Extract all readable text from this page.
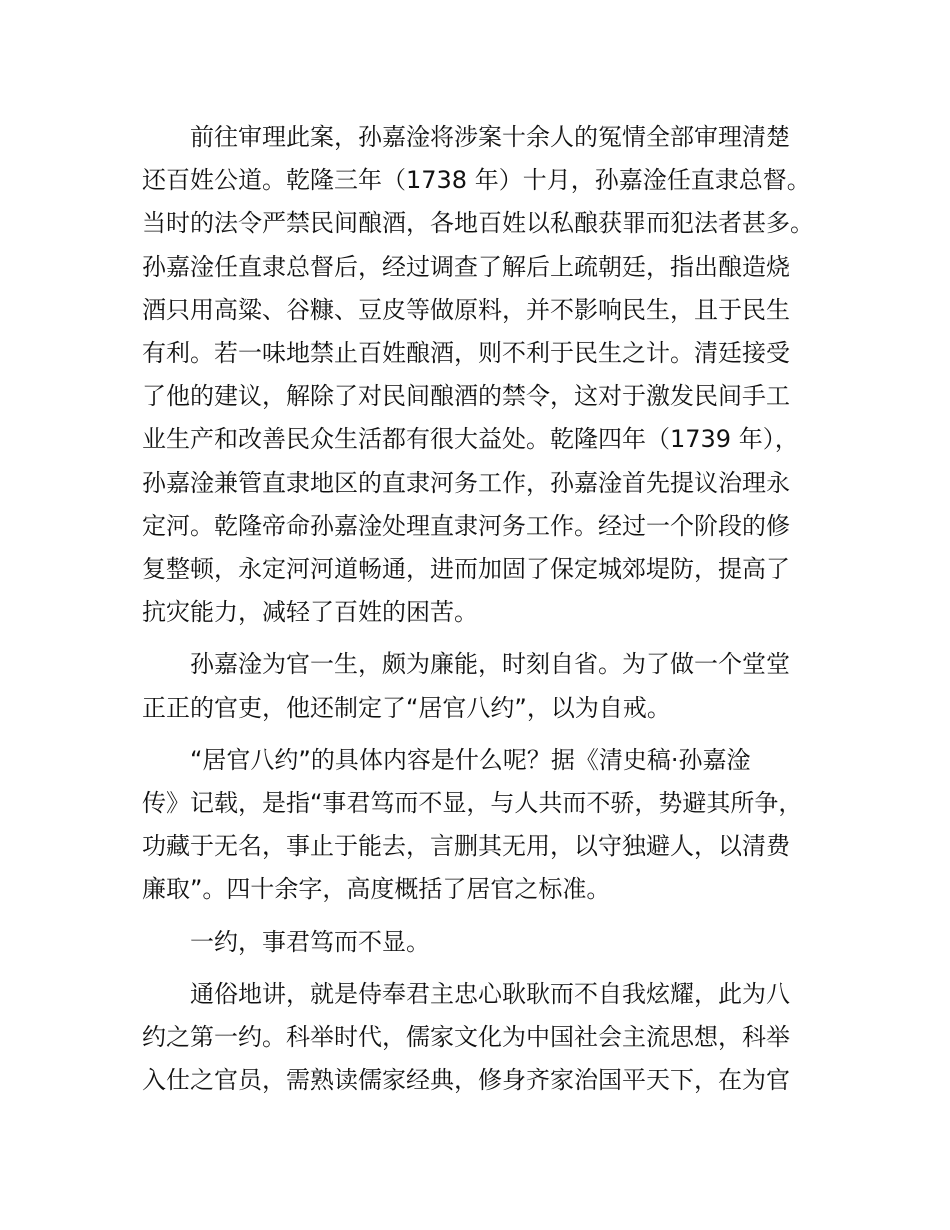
前往审理此案，孙嘉淦将涉案十余人的冤情全部审理清楚
还百姓公道。乾隆三年（1738 年）十月，孙嘉淦任直隶总督。
当时的法令严禁民间酿酒，各地百姓以私酿获罪而犯法者甚多。
孙嘉淦任直隶总督后，经过调查了解后上疏朝廷，指出酿造烧
酒只用高粱、谷糠、豆皮等做原料，并不影响民生，且于民生
有利。若一味地禁止百姓酿酒，则不利于民生之计。清廷接受
了他的建议，解除了对民间酿酒的禁令，这对于激发民间手工
业生产和改善民众生活都有很大益处。乾隆四年（1739 年），
孙嘉淦兼管直隶地区的直隶河务工作，孙嘉淦首先提议治理永
定河。乾隆帝命孙嘉淦处理直隶河务工作。经过一个阶段的修
复整顿，永定河河道畅通，进而加固了保定城郊堤防，提高了
抗灾能力，减轻了百姓的困苦。
孙嘉淦为官一生，颇为廉能，时刻自省。为了做一个堂堂
正正的官吏，他还制定了“居官八约”，以为自戒。
“居官八约”的具体内容是什么呢？据《清史稿·孙嘉淦
传》记载，是指“事君笃而不显，与人共而不骄，势避其所争，
功藏于无名，事止于能去，言删其无用，以守独避人，以清费
廉取”。四十余字，高度概括了居官之标准。
一约，事君笃而不显。
通俗地讲，就是侍奉君主忠心耿耿而不自我炫耀，此为八
约之第一约。科举时代，儒家文化为中国社会主流思想，科举
入仕之官员，需熟读儒家经典，修身齐家治国平天下，在为官
